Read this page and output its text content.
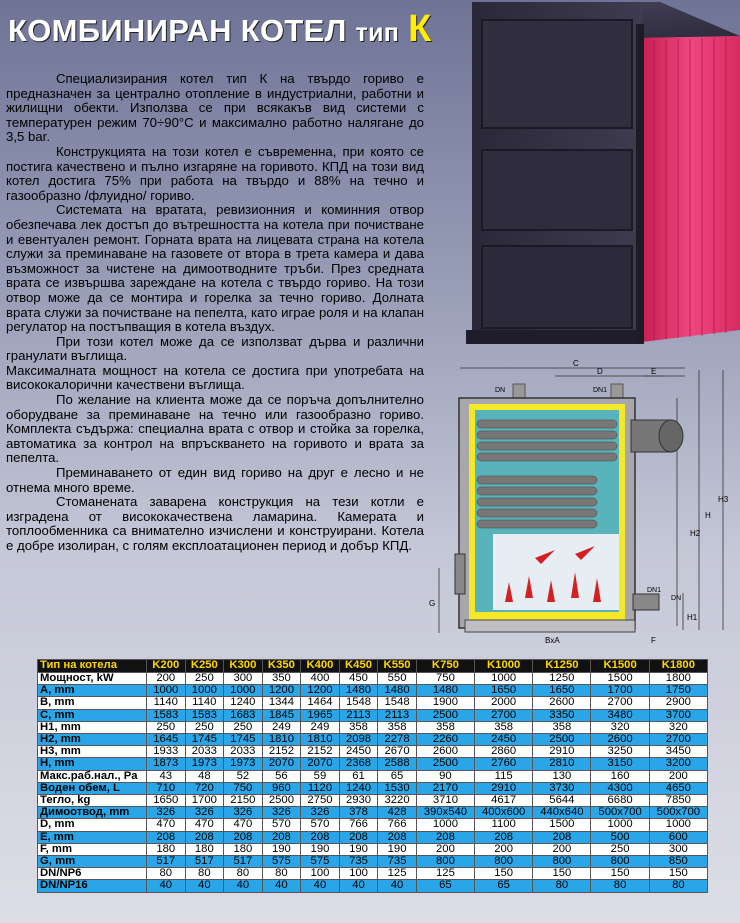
КОМБИНИРАН КОТЕЛ тип К

Специализирания котел тип К на твърдо гориво е предназначен за централно отопление в индустриални, работни и жилищни обекти. Използва се при всякакъв вид системи с температурен режим 70÷90°С и максимално работно налягане до 3,5 bar.

Конструкцията на този котел е съвременна, при която се постига качествено и пълно изгаряне на горивото. КПД на този вид котел достига 75% при работа на твърдо и 88% на течно и газообразно /флуидно/ гориво.

Системата на вратата, ревизионния и коминния отвор обезпечава лек достъп до вътрешността на котела при почистване и евентуален ремонт. Горната врата на лицевата страна на котела служи за преминаване на газовете от втора в трета камера и дава възможност за чистене на димоотводните тръби. През средната врата се извършва зареждане на котела с твърдо гориво. На този отвор може да се монтира и горелка за течно гориво. Долната врата служи за почистване на пепелта, като играе роля и на клапан регулатор на постъпващия в котела въздух.

При този котел може да се използват дърва и различни гранулати въглища.

Максималната мощност на котела се достига при употребата на висококалорични качествени въглища.

По желание на клиента може да се поръча допълнително оборудване за преминаване на течно или газообразно гориво. Комплекта съдържа: специална врата с отвор и стойка за горелка, автоматика за контрол на впръскването на горивото и врата за пепелта.

Преминаването от един вид гориво на друг е лесно и не отнема много време.

Стоманената заварена конструкция на тези котли е изградена от висококачествена ламарина. Камерата и топлообменника са внимателно изчислени и конструирани. Котела е добре изолиран, с голям експлоатационен период и добър КПД.

C
D	E
DN	DN1
H3
H
H2
H1
G
BxA	F
DN1
DN
Тип на котела	K200	K250	K300	K350	K400	K450	K550	K750	K1000	K1250	K1500	K1800
Мощност, kW	200	250	300	350	400	450	550	750	1000	1250	1500	1800
A, mm	1000	1000	1000	1200	1200	1480	1480	1480	1650	1650	1700	1750
B, mm	1140	1140	1240	1344	1464	1548	1548	1900	2000	2600	2700	2900
C, mm	1583	1583	1683	1845	1965	2113	2113	2500	2700	3350	3480	3700
H1, mm	250	250	250	249	249	358	358	358	358	358	320	320
H2, mm	1645	1745	1745	1810	1810	2098	2278	2260	2450	2500	2600	2700
H3, mm	1933	2033	2033	2152	2152	2450	2670	2600	2860	2910	3250	3450
H, mm	1873	1973	1973	2070	2070	2368	2588	2500	2760	2810	3150	3200
Макс.раб.нал., Pa	43	48	52	56	59	61	65	90	115	130	160	200
Воден обем, L	710	720	750	960	1120	1240	1530	2170	2910	3730	4300	4650
Тегло, kg	1650	1700	2150	2500	2750	2930	3220	3710	4617	5644	6680	7850
Димоотвод, mm	326	326	326	326	326	378	428	390x540	400x600	440x640	500x700	500x700
D, mm	470	470	470	570	570	766	766	1000	1100	1500	1000	1000
E, mm	208	208	208	208	208	208	208	208	208	208	500	600
F, mm	180	180	180	190	190	190	190	200	200	200	250	300
G, mm	517	517	517	575	575	735	735	800	800	800	800	850
DN/NP6	80	80	80	80	100	100	125	125	150	150	150	150
DN/NP16	40	40	40	40	40	40	40	65	65	80	80	80
